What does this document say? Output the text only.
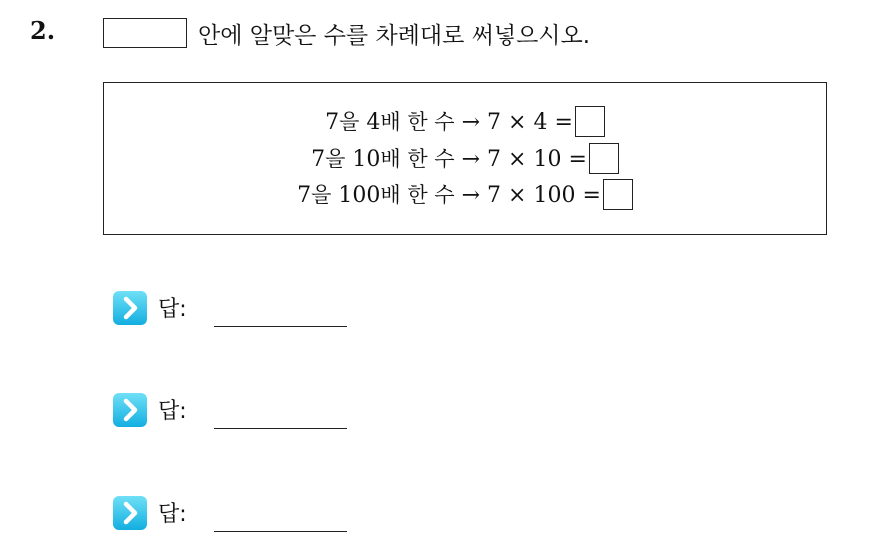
2.	안에 알맞은 수를 차례대로 써넣으시오.
7을 4배 한 수 → 7 × 4 =
7을 10배 한 수 → 7 × 10 =
7을 100배 한 수 → 7 × 100 =
답:
답:
답:
